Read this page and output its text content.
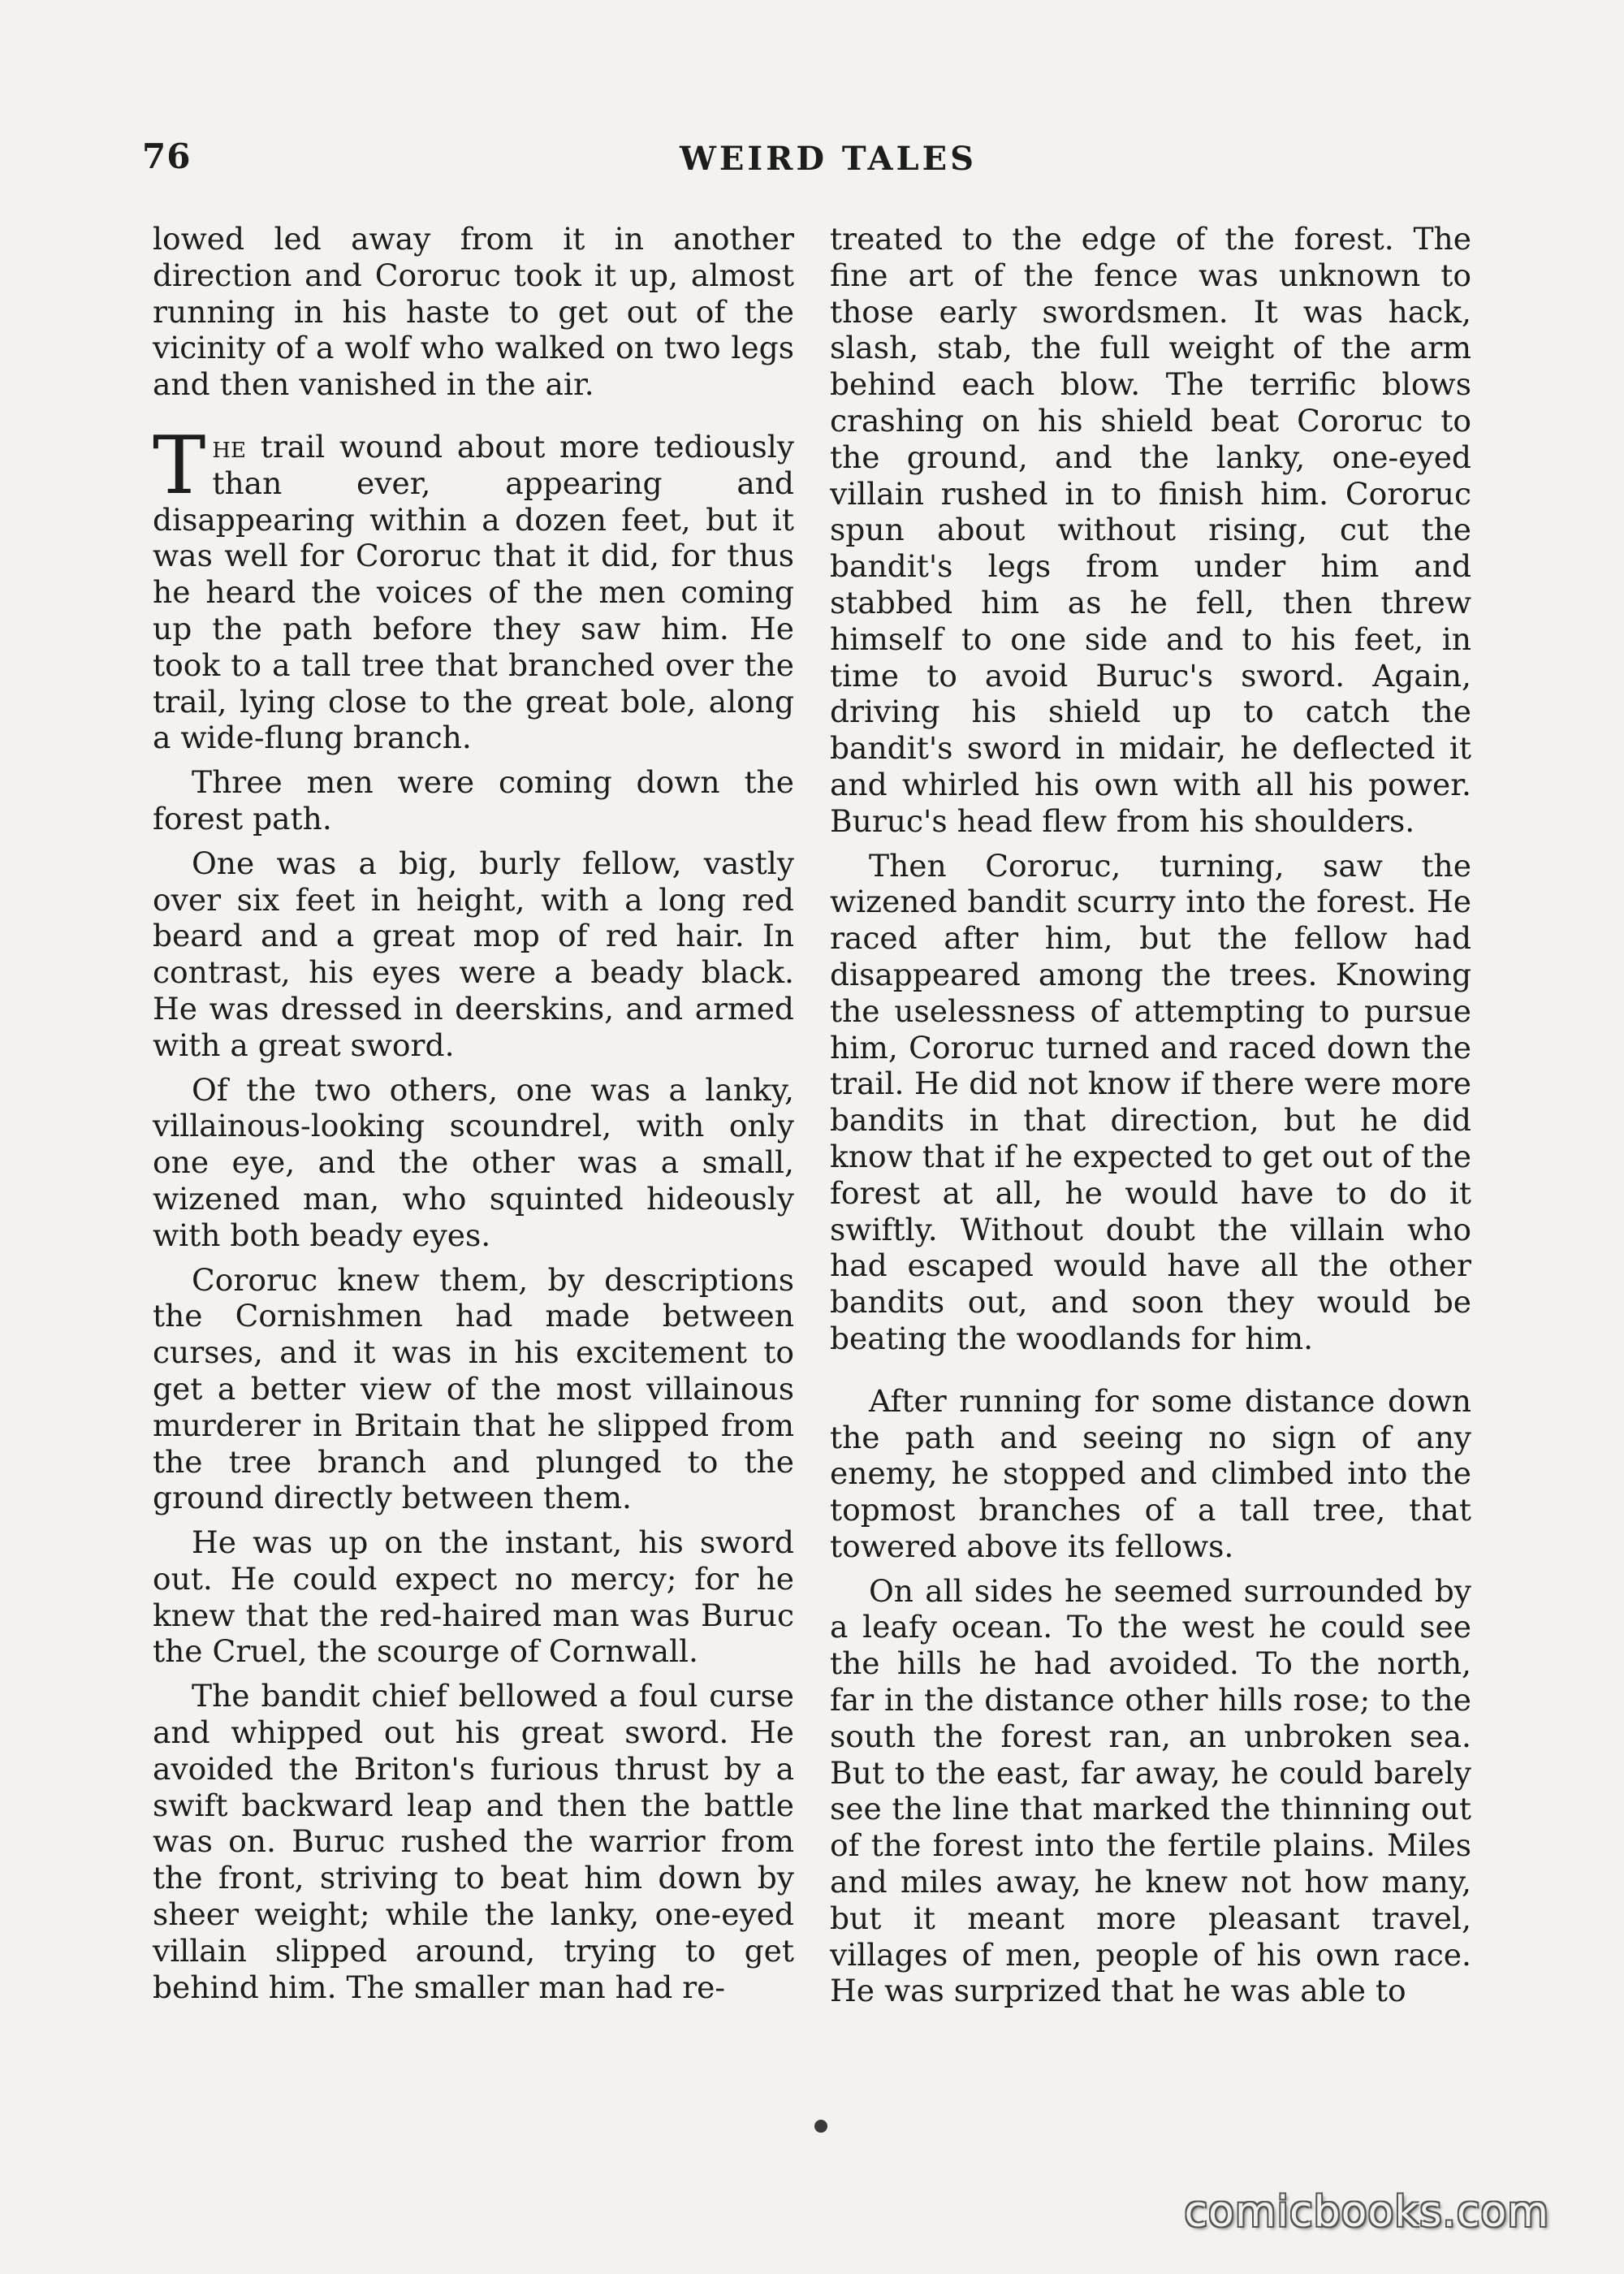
76	WEIRD TALES

lowed led away from it in another direction and Cororuc took it up, almost running in his haste to get out of the vicinity of a wolf who walked on two legs and then vanished in the air.

The trail wound about more tediously than ever, appearing and disappearing within a dozen feet, but it was well for Cororuc that it did, for thus he heard the voices of the men coming up the path before they saw him. He took to a tall tree that branched over the trail, lying close to the great bole, along a wide-flung branch.

Three men were coming down the forest path.

One was a big, burly fellow, vastly over six feet in height, with a long red beard and a great mop of red hair. In contrast, his eyes were a beady black. He was dressed in deerskins, and armed with a great sword.

Of the two others, one was a lanky, villainous-looking scoundrel, with only one eye, and the other was a small, wizened man, who squinted hideously with both beady eyes.

Cororuc knew them, by descriptions the Cornishmen had made between curses, and it was in his excitement to get a better view of the most villainous murderer in Britain that he slipped from the tree branch and plunged to the ground directly between them.

He was up on the instant, his sword out. He could expect no mercy; for he knew that the red-haired man was Buruc the Cruel, the scourge of Cornwall.

The bandit chief bellowed a foul curse and whipped out his great sword. He avoided the Briton's furious thrust by a swift backward leap and then the battle was on. Buruc rushed the warrior from the front, striving to beat him down by sheer weight; while the lanky, one-eyed villain slipped around, trying to get behind him. The smaller man had re-

treated to the edge of the forest. The fine art of the fence was unknown to those early swordsmen. It was hack, slash, stab, the full weight of the arm behind each blow. The terrific blows crashing on his shield beat Cororuc to the ground, and the lanky, one-eyed villain rushed in to finish him. Cororuc spun about without rising, cut the bandit's legs from under him and stabbed him as he fell, then threw himself to one side and to his feet, in time to avoid Buruc's sword. Again, driving his shield up to catch the bandit's sword in midair, he deflected it and whirled his own with all his power. Buruc's head flew from his shoulders.

Then Cororuc, turning, saw the wizened bandit scurry into the forest. He raced after him, but the fellow had disappeared among the trees. Knowing the uselessness of attempting to pursue him, Cororuc turned and raced down the trail. He did not know if there were more bandits in that direction, but he did know that if he expected to get out of the forest at all, he would have to do it swiftly. Without doubt the villain who had escaped would have all the other bandits out, and soon they would be beating the woodlands for him.

After running for some distance down the path and seeing no sign of any enemy, he stopped and climbed into the topmost branches of a tall tree, that towered above its fellows.

On all sides he seemed surrounded by a leafy ocean. To the west he could see the hills he had avoided. To the north, far in the distance other hills rose; to the south the forest ran, an unbroken sea. But to the east, far away, he could barely see the line that marked the thinning out of the forest into the fertile plains. Miles and miles away, he knew not how many, but it meant more pleasant travel, villages of men, people of his own race. He was surprized that he was able to

comicbooks.com
